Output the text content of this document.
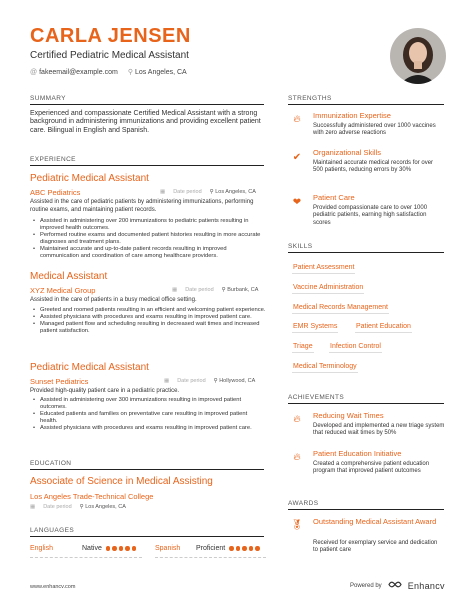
CARLA JENSEN
Certified Pediatric Medical Assistant
@ fakeemail@example.com ⚲ Los Angeles, CA
SUMMARY
Experienced and compassionate Certified Medical Assistant with a strong background in administering immunizations and providing excellent patient care. Bilingual in English and Spanish.
EXPERIENCE
Pediatric Medical Assistant
ABC Pediatrics	▦ Date period ⚲ Los Angeles, CA
Assisted in the care of pediatric patients by administering immunizations, performing routine exams, and maintaining patient records.
• Assisted in administering over 200 immunizations to pediatric patients resulting in improved health outcomes.
• Performed routine exams and documented patient histories resulting in more accurate diagnoses and treatment plans.
• Maintained accurate and up-to-date patient records resulting in improved communication and coordination of care among healthcare providers.
Medical Assistant
XYZ Medical Group	▦ Date period ⚲ Burbank, CA
Assisted in the care of patients in a busy medical office setting.
• Greeted and roomed patients resulting in an efficient and welcoming patient experience.
• Assisted physicians with procedures and exams resulting in improved patient care.
• Managed patient flow and scheduling resulting in decreased wait times and increased patient satisfaction.
Pediatric Medical Assistant
Sunset Pediatrics	▦ Date period ⚲ Hollywood, CA
Provided high-quality patient care in a pediatric practice.
• Assisted in administering over 300 immunizations resulting in improved patient outcomes.
• Educated patients and families on preventative care resulting in improved patient health.
• Assisted physicians with procedures and exams resulting in improved patient care.
EDUCATION
Associate of Science in Medical Assisting
Los Angeles Trade-Technical College
▦ Date period ⚲ Los Angeles, CA
LANGUAGES
English	Native	Spanish	Proficient
STRENGTHS
🔥︎	Immunization Expertise
Successfully administered over 1000 vaccines with zero adverse reactions
✔	Organizational Skills
Maintained accurate medical records for over 500 patients, reducing errors by 30%
❤	Patient Care
Provided compassionate care to over 1000 pediatric patients, earning high satisfaction scores
SKILLS
Patient Assessment
Vaccine Administration
Medical Records Management
EMR Systems	Patient Education
Triage Infection Control
Medical Terminology
ACHIEVEMENTS
🔥︎	Reducing Wait Times
Developed and implemented a new triage system that reduced wait times by 50%
🔥︎	Patient Education Initiative
Created a comprehensive patient education program that improved patient outcomes
AWARDS
🏅︎ Outstanding Medical Assistant Award
Received for exemplary service and dedication to patient care
www.enhancv.com	Powered by	Enhancv
